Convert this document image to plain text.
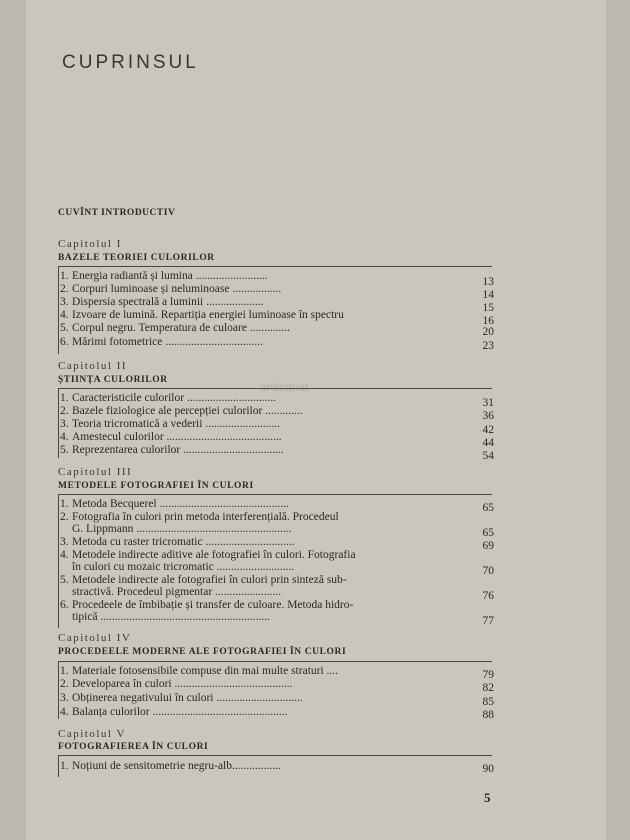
CUPRINSUL
CUVÎNT INTRODUCTIV
Capitolul I
BAZELE TEORIEI CULORILOR
1. Energia radiantă și lumina .........................	13
2. Corpuri luminoase și neluminoase .................	14
3. Dispersia spectrală a luminii ....................	15
4. Izvoare de lumină. Repartiția energiei luminoase în spectru	16
5. Corpul negru. Temperatura de culoare ..............	20
6. Mărimi fotometrice ..................................	23
Capitolul II
ȘTIINȚA CULORILOR
1. Caracteristicile culorilor ...............................	31
2. Bazele fiziologice ale percepției culorilor .............	36
3. Teoria tricromatică a vederii ..........................	42
4. Amestecul culorilor ........................................	44
5. Reprezentarea culorilor ...................................	54
Capitolul III
METODELE FOTOGRAFIEI ÎN CULORI
1. Metoda Becquerel .............................................	65
2. Fotografia în culori prin metoda interferențială. Procedeul
G. Lippmann ......................................................	65
3. Metoda cu raster tricromatic ...............................	69
4. Metodele indirecte aditive ale fotografiei în culori. Fotografia
în culori cu mozaic tricromatic ...........................	70
5. Metodele indirecte ale fotografiei în culori prin sinteză sub-
stractivă. Procedeul pigmentar .......................	76
6. Procedeele de îmbibație și transfer de culoare. Metoda hidro-
tipică ...........................................................	77
Capitolul IV
PROCEDEELE MODERNE ALE FOTOGRAFIEI ÎN CULORI
1. Materiale fotosensibile compuse din mai multe straturi ....	79
2. Developarea în culori .........................................	82
3. Obținerea negativului în culori ..............................	85
4. Balanța culorilor ...............................................	88
Capitolul V
FOTOGRAFIEREA ÎN CULORI
1. Noțiuni de sensitometrie negru-alb.................	90
5
anticariat
